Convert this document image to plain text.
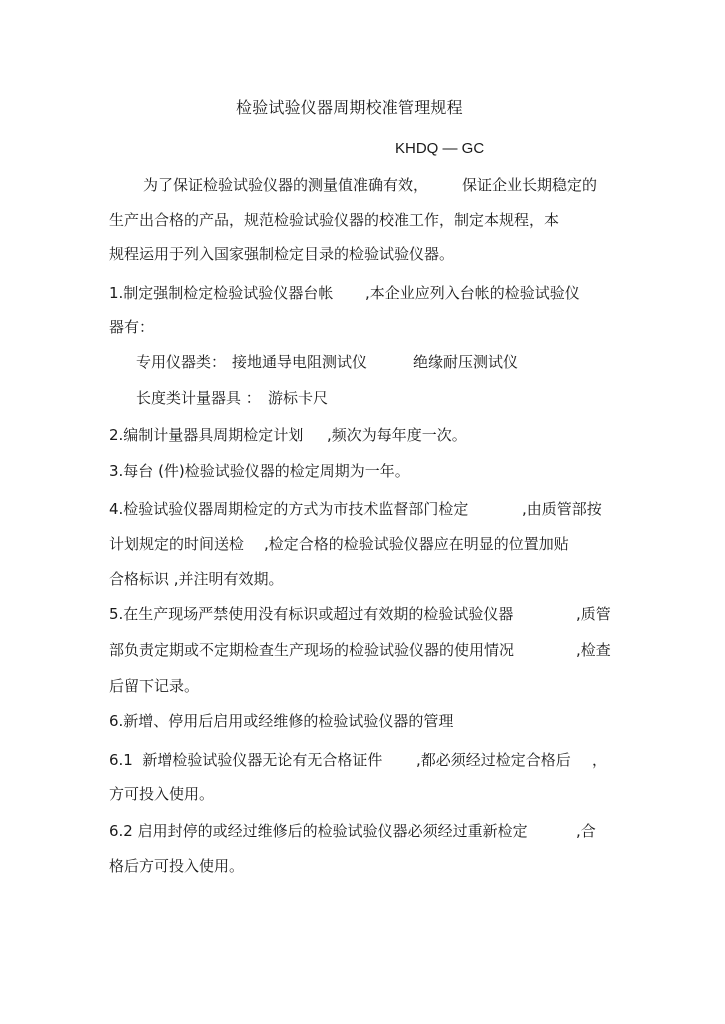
检验试验仪器周期校准管理规程
KHDQ — GC
为了保证检验试验仪器的测量值准确有效， 保证企业长期稳定的
生产出合格的产品，规范检验试验仪器的校准工作，制定本规程，本
规程运用于列入国家强制检定目录的检验试验仪器。
1.制定强制检定检验试验仪器台帐 ,本企业应列入台帐的检验试验仪
器有：
专用仪器类： 接地通导电阻测试仪	绝缘耐压测试仪
长度类计量器具 ： 游标卡尺
2.编制计量器具周期检定计划 ,频次为每年度一次。
3.每台 (件)检验试验仪器的检定周期为一年。
4.检验试验仪器周期检定的方式为市技术监督部门检定	,由质管部按
计划规定的时间送检 ,检定合格的检验试验仪器应在明显的位置加贴
合格标识 ,并注明有效期。
5.在生产现场严禁使用没有标识或超过有效期的检验试验仪器	,质管
部负责定期或不定期检查生产现场的检验试验仪器的使用情况	,检查
后留下记录。
6.新增、停用后启用或经维修的检验试验仪器的管理
6.1  新增检验试验仪器无论有无合格证件 ,都必须经过检定合格后 ，
方可投入使用。
6.2 启用封停的或经过维修后的检验试验仪器必须经过重新检定	,合
格后方可投入使用。
